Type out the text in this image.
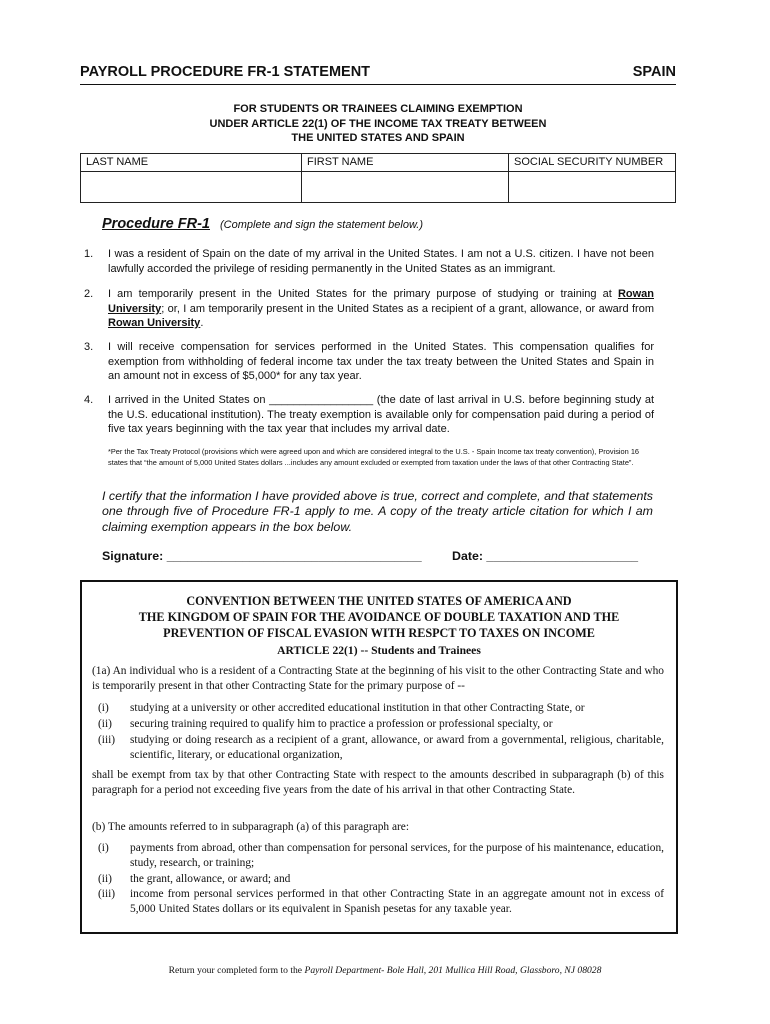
PAYROLL PROCEDURE FR-1 STATEMENT	SPAIN
FOR STUDENTS OR TRAINEES CLAIMING EXEMPTION
UNDER ARTICLE 22(1) OF THE INCOME TAX TREATY BETWEEN
THE UNITED STATES AND SPAIN
LAST NAME	FIRST NAME	SOCIAL SECURITY NUMBER

Procedure FR-1 (Complete and sign the statement below.)
1. I was a resident of Spain on the date of my arrival in the United States. I am not a U.S. citizen. I have not been lawfully accorded the privilege of residing permanently in the United States as an immigrant.
2. I am temporarily present in the United States for the primary purpose of studying or training at Rowan University; or, I am temporarily present in the United States as a recipient of a grant, allowance, or award from Rowan University.
3. I will receive compensation for services performed in the United States. This compensation qualifies for exemption from withholding of federal income tax under the tax treaty between the United States and Spain in an amount not in excess of $5,000* for any tax year.
4. I arrived in the United States on _________________ (the date of last arrival in U.S. before beginning study at the U.S. educational institution). The treaty exemption is available only for compensation paid during a period of five tax years beginning with the tax year that includes my arrival date.
*Per the Tax Treaty Protocol (provisions which were agreed upon and which are considered integral to the U.S. - Spain Income tax treaty convention), Provision 16 states that “the amount of 5,000 United States dollars ...includes any amount excluded or exempted from taxation under the laws of that other Contracting State”.
I certify that the information I have provided above is true, correct and complete, and that statements one through five of Procedure FR-1 apply to me. A copy of the treaty article citation for which I am claiming exemption appears in the box below.
Signature: _____________________________________ Date: ______________________
CONVENTION BETWEEN THE UNITED STATES OF AMERICA AND
THE KINGDOM OF SPAIN FOR THE AVOIDANCE OF DOUBLE TAXATION AND THE
PREVENTION OF FISCAL EVASION WITH RESPCT TO TAXES ON INCOME
ARTICLE 22(1) -- Students and Trainees
(1a) An individual who is a resident of a Contracting State at the beginning of his visit to the other Contracting State and who is temporarily present in that other Contracting State for the primary purpose of --
(i) studying at a university or other accredited educational institution in that other Contracting State, or
(ii) securing training required to qualify him to practice a profession or professional specialty, or
(iii) studying or doing research as a recipient of a grant, allowance, or award from a governmental, religious, charitable, scientific, literary, or educational organization,
shall be exempt from tax by that other Contracting State with respect to the amounts described in subparagraph (b) of this paragraph for a period not exceeding five years from the date of his arrival in that other Contracting State.
(b) The amounts referred to in subparagraph (a) of this paragraph are:
(i) payments from abroad, other than compensation for personal services, for the purpose of his maintenance, education, study, research, or training;
(ii) the grant, allowance, or award; and
(iii) income from personal services performed in that other Contracting State in an aggregate amount not in excess of 5,000 United States dollars or its equivalent in Spanish pesetas for any taxable year.
Return your completed form to the Payroll Department- Bole Hall, 201 Mullica Hill Road, Glassboro, NJ 08028
